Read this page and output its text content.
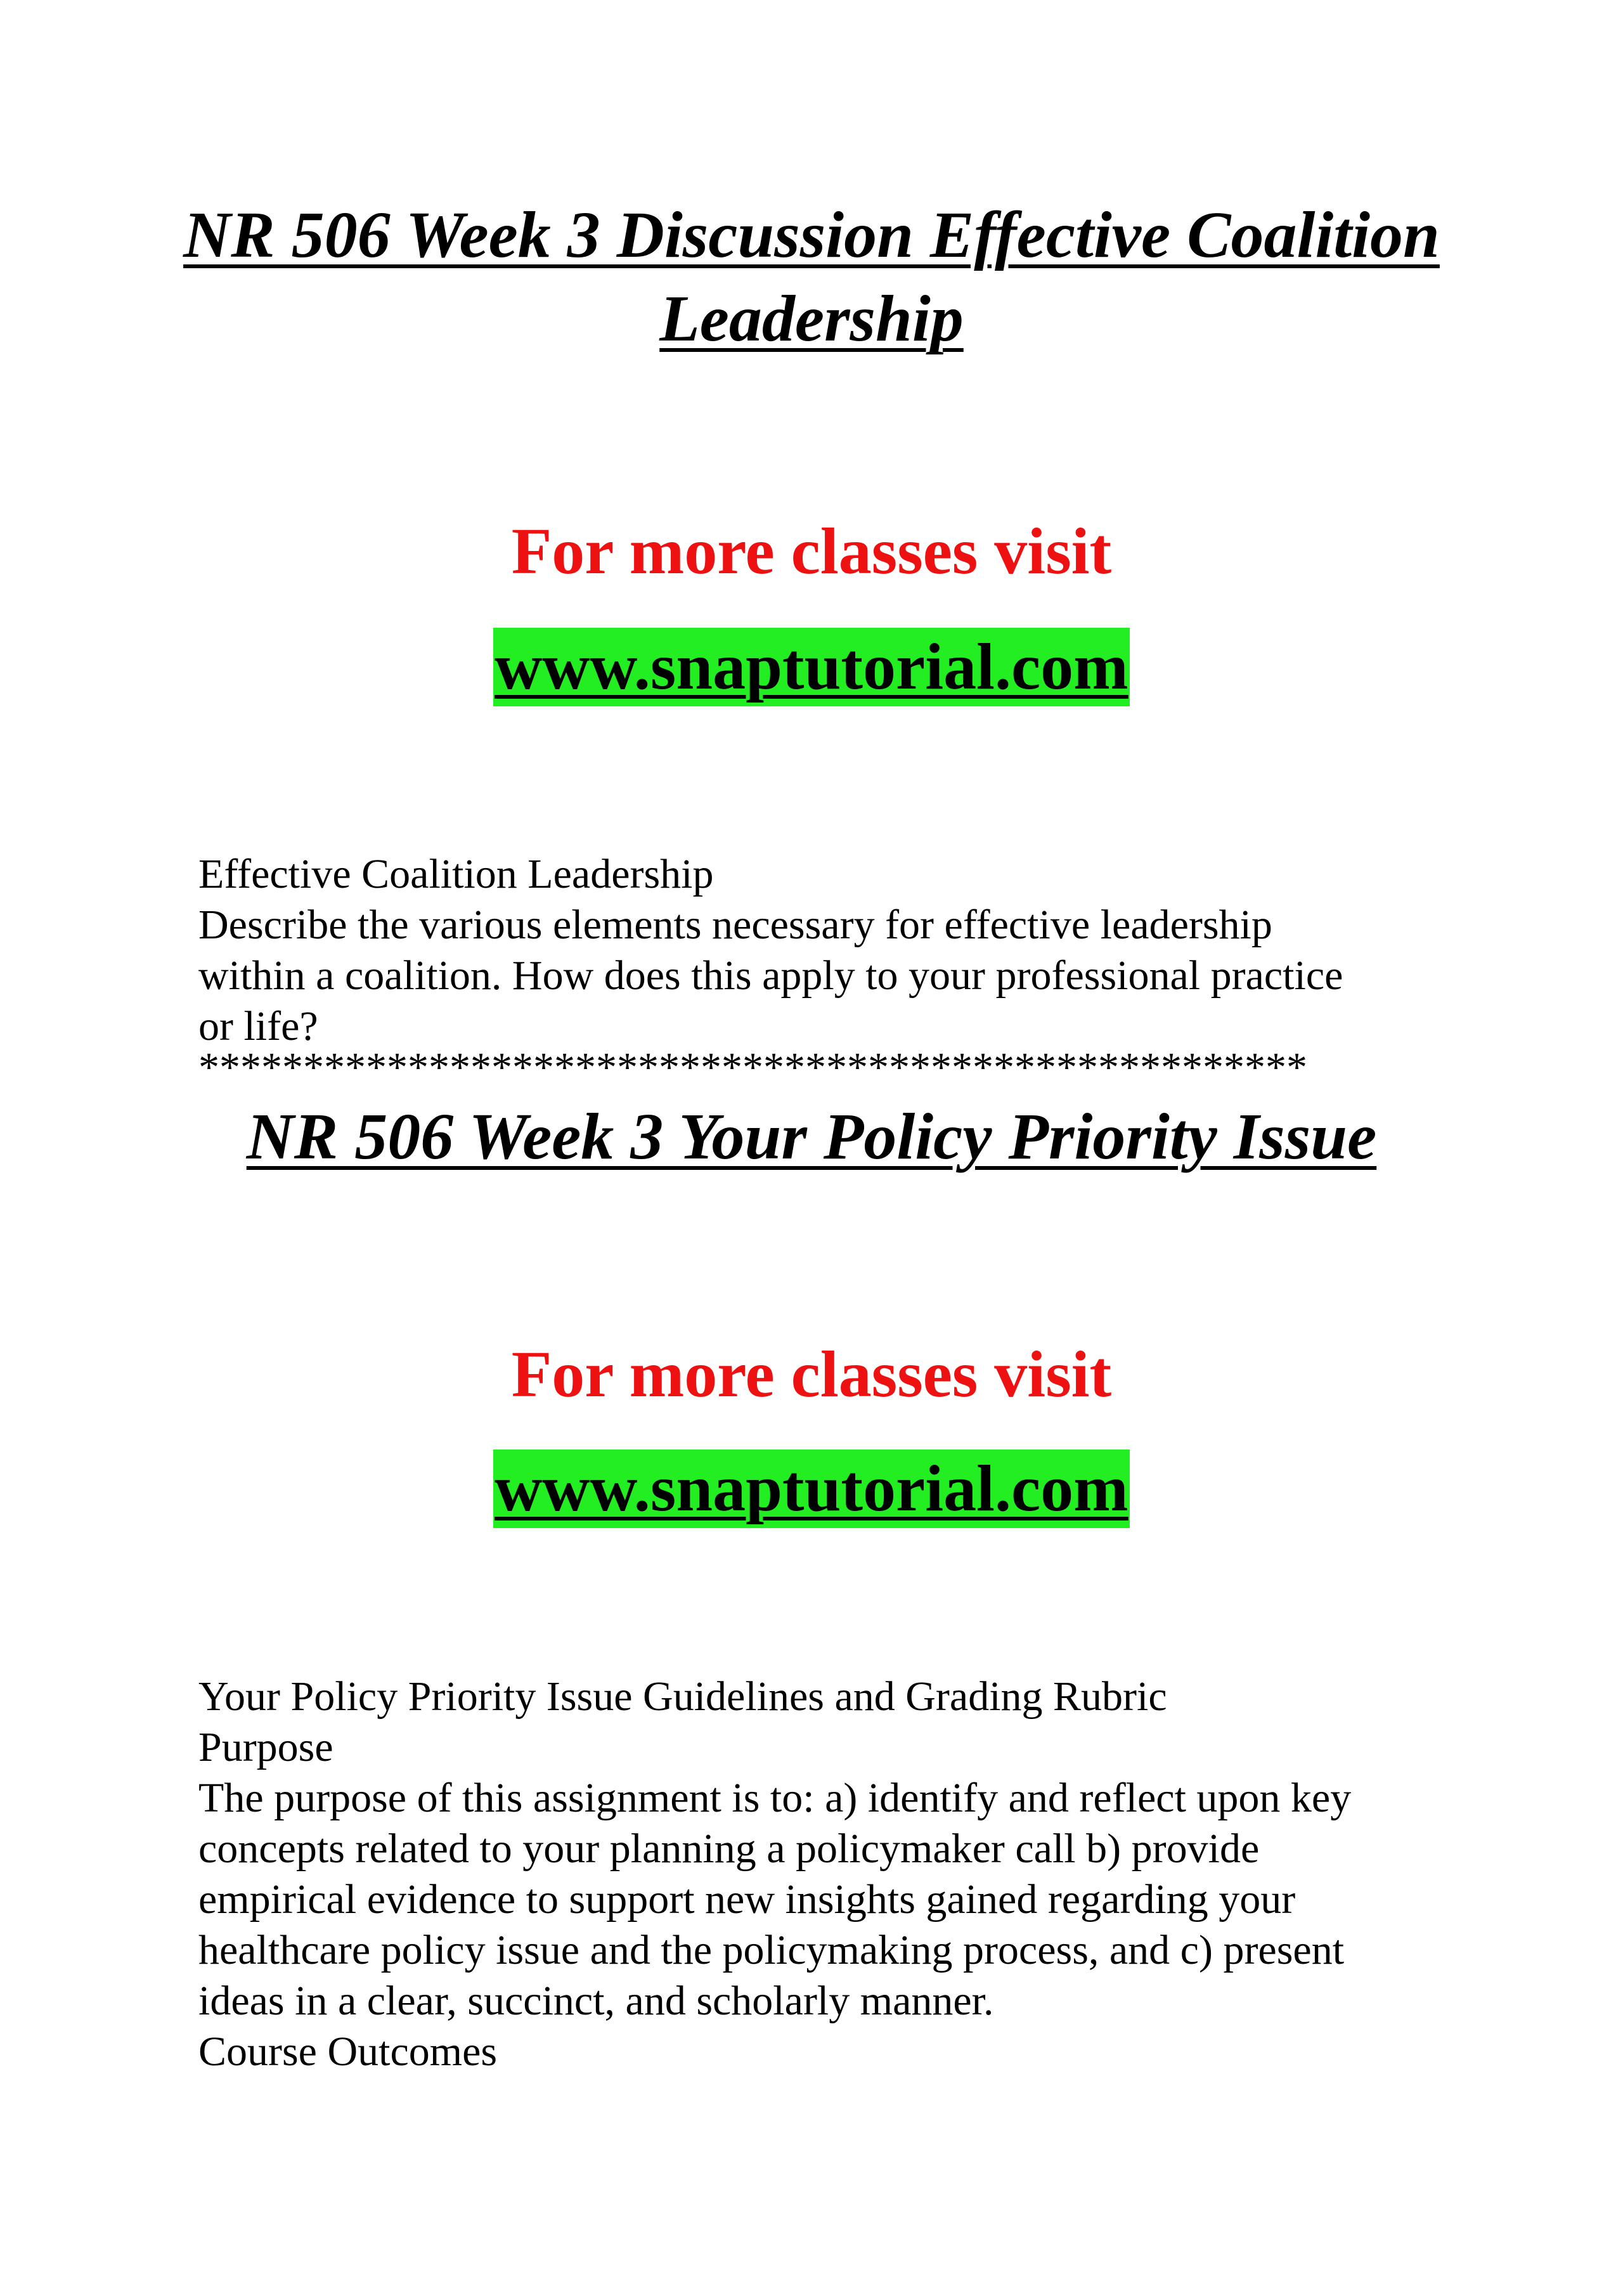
NR 506 Week 3 Discussion Effective Coalition
Leadership
For more classes visit
www.snaptutorial.com
Effective Coalition Leadership
Describe the various elements necessary for effective leadership
within a coalition. How does this apply to your professional practice
or life?
*****************************************************
NR 506 Week 3 Your Policy Priority Issue
For more classes visit
www.snaptutorial.com
Your Policy Priority Issue Guidelines and Grading Rubric
Purpose
The purpose of this assignment is to: a) identify and reflect upon key
concepts related to your planning a policymaker call b) provide
empirical evidence to support new insights gained regarding your
healthcare policy issue and the policymaking process, and c) present
ideas in a clear, succinct, and scholarly manner.
Course Outcomes
